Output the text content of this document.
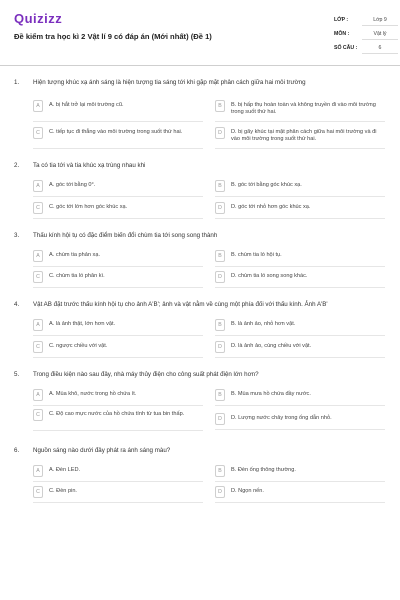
Quizizz
Đề kiểm tra học kì 2 Vật lí 9 có đáp án (Mới nhất) (Đề 1)
LỚP :	Lớp 9
MÔN :	Vật lý
SỐ CÂU :	6
1. Hiện tượng khúc xạ ánh sáng là hiện tượng tia sáng tới khi gặp mặt phân cách giữa hai môi trường
A	A. bị hắt trở lại môi trường cũ.	B	B. bị hấp thụ hoàn toàn và không truyền đi vào môi trường trong suốt thứ hai.
C	C. tiếp tục đi thẳng vào môi trường trong suốt thứ hai.	D	D. bị gãy khúc tại mặt phân cách giữa hai môi trường và đi vào môi trường trong suốt thứ hai.
2. Ta có tia tới và tia khúc xạ trùng nhau khi
A	A. góc tới bằng 0°.	B	B. góc tới bằng góc khúc xạ.
C	C. góc tới lớn hơn góc khúc xạ.	D	D. góc tới nhỏ hơn góc khúc xạ.
3. Thấu kính hội tụ có đặc điểm biến đổi chùm tia tới song song thành
A	A. chùm tia phản xạ.	B	B. chùm tia ló hội tụ.
C	C. chùm tia ló phân kì.	D	D. chùm tia ló song song khác.
4. Vật AB đặt trước thấu kính hội tụ cho ảnh A'B'; ảnh và vật nằm về cùng một phía đối với thấu kính. Ảnh A'B'
A	A. là ảnh thật, lớn hơn vật.	B	B. là ảnh ảo, nhỏ hơn vật.
C	C. ngược chiều với vật.	D	D. là ảnh ảo, cùng chiều với vật.
5. Trong điều kiện nào sau đây, nhà máy thủy điện cho công suất phát điện lớn hơn?
A	A. Mùa khô, nước trong hồ chứa ít.	B	B. Mùa mưa hồ chứa đầy nước.
C	C. Độ cao mực nước của hồ chứa tính từ tua bin thấp.
D	D. Lượng nước chảy trong ống dẫn nhỏ.
6. Nguồn sáng nào dưới đây phát ra ánh sáng màu?
A	A. Đèn LED.	B	B. Đèn ống thông thường.
C	C. Đèn pin.	D	D. Ngọn nến.
